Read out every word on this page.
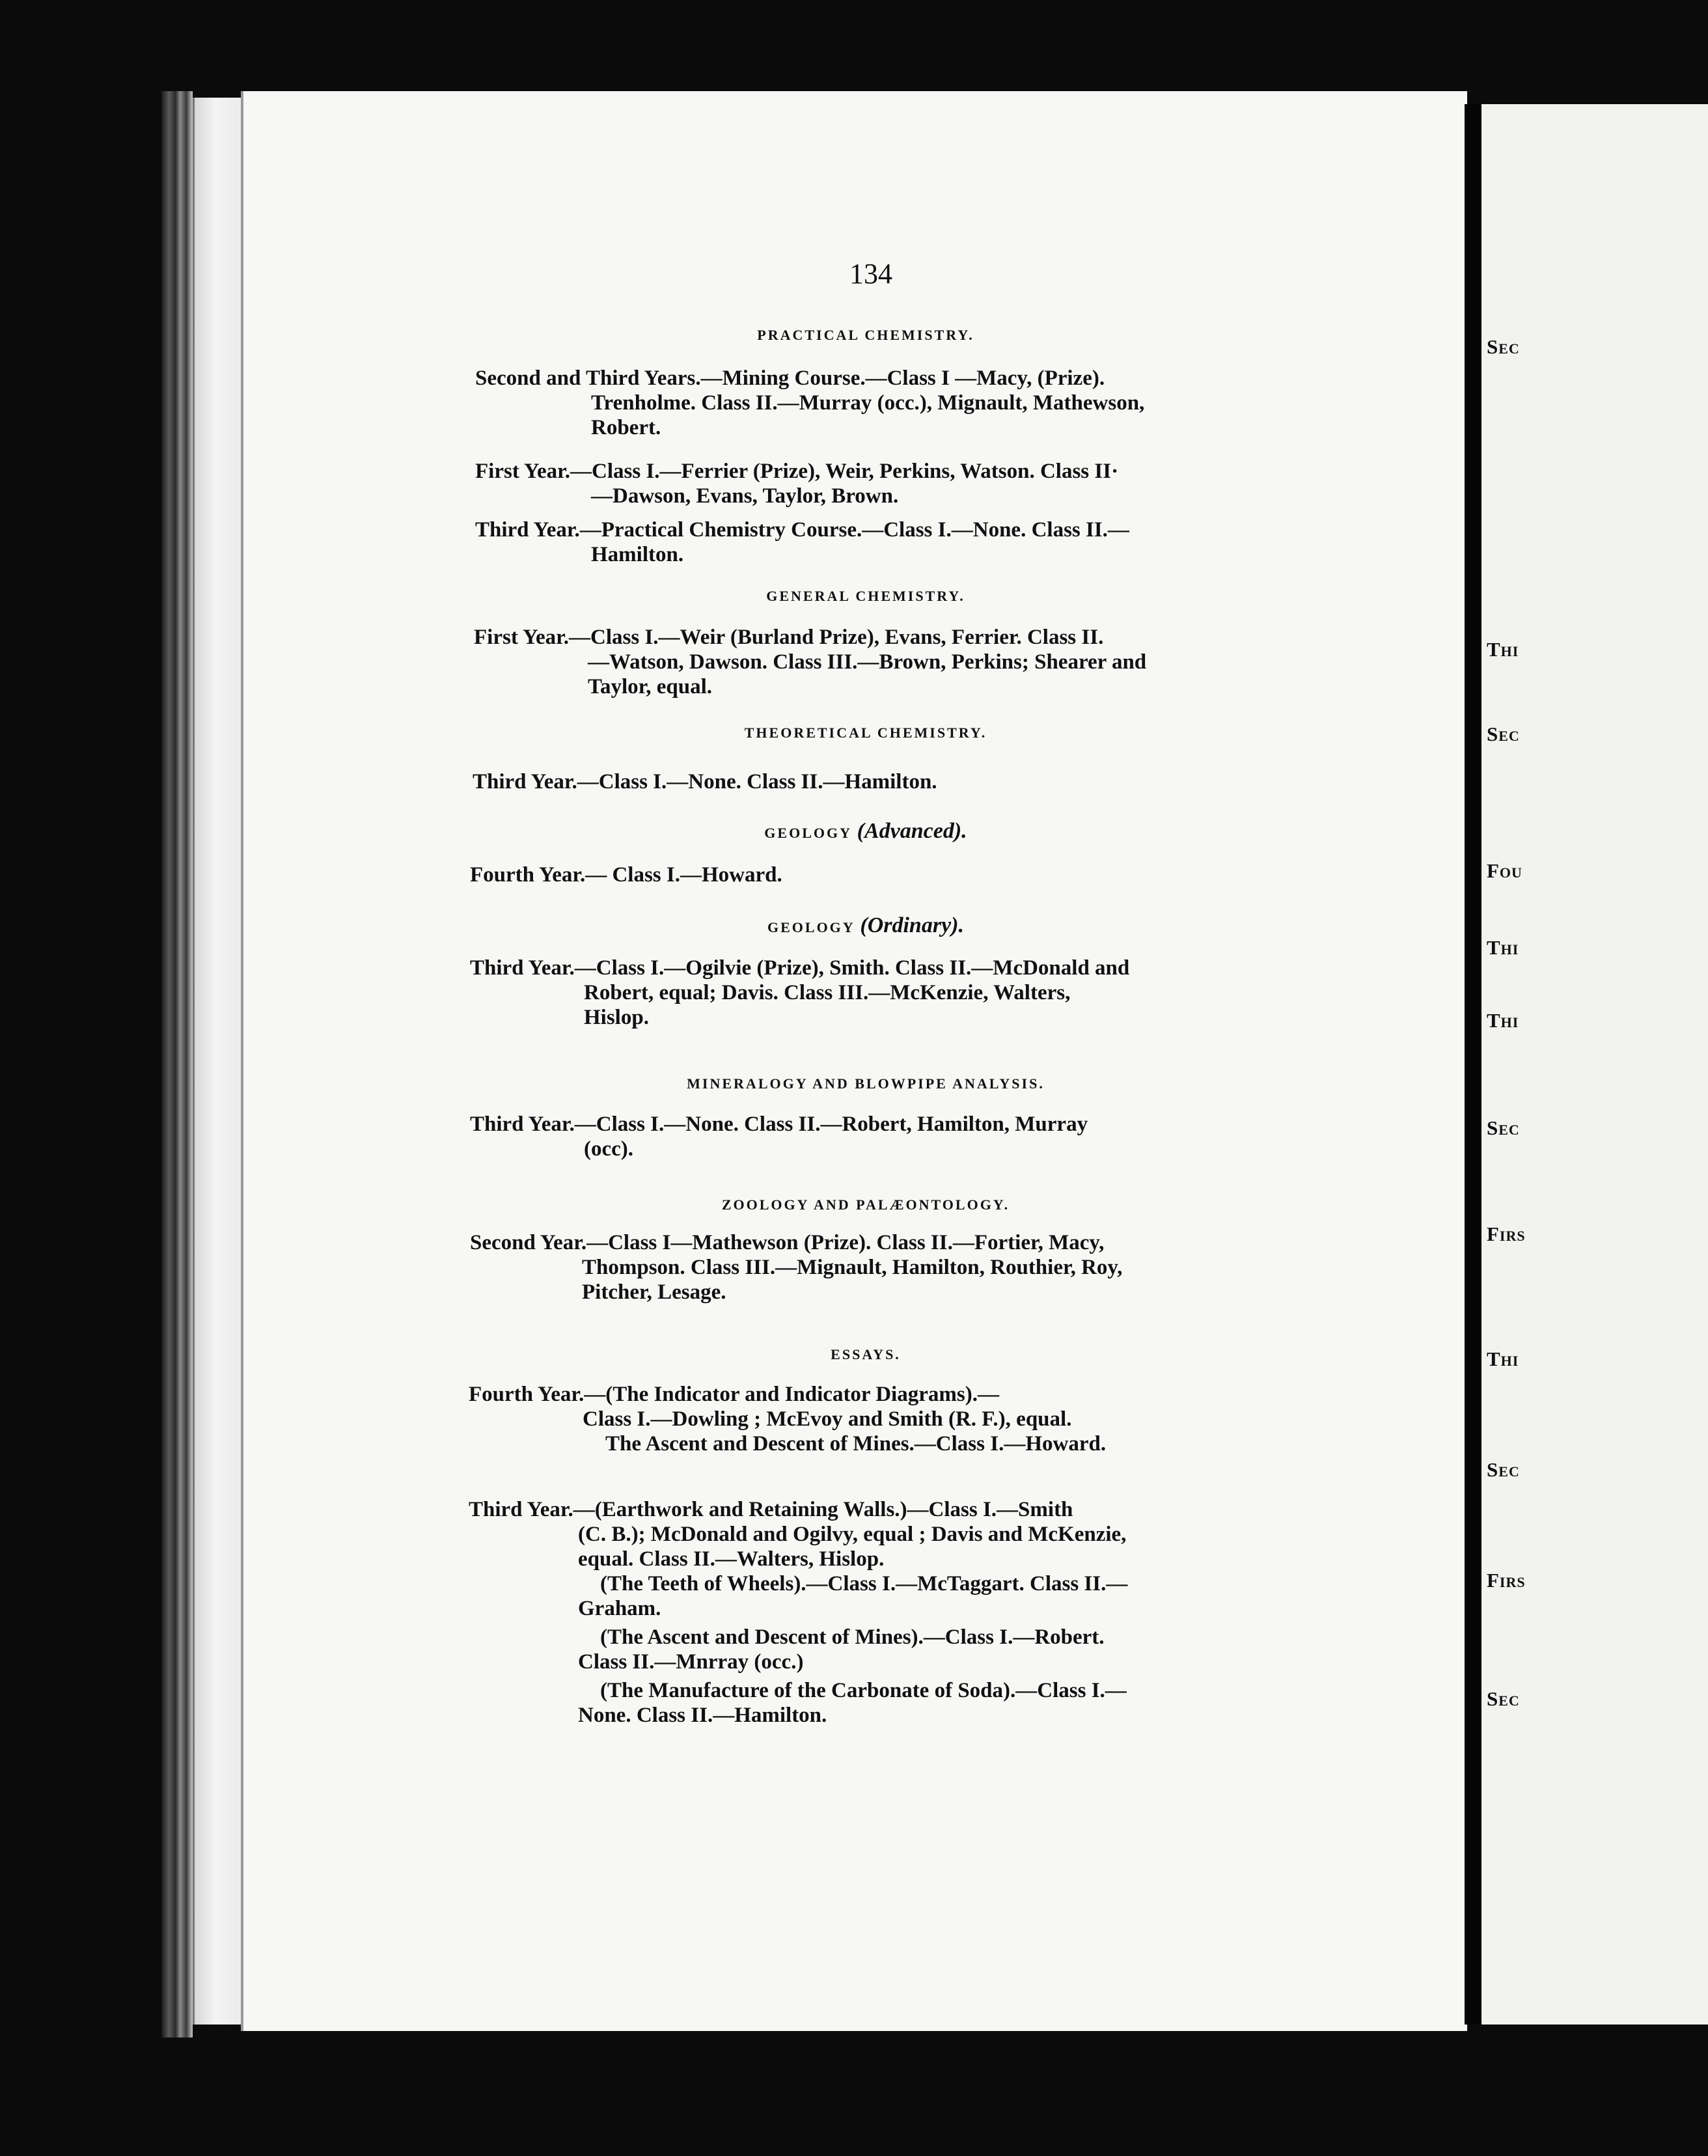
Sec
Thi
Sec
Fou
Thi
Thi
Sec
Firs
Thi
Sec
Firs
Sec
134
PRACTICAL CHEMISTRY.
Second and Third Years.—Mining Course.—Class I —Macy, (Prize).
Trenholme. Class II.—Murray (occ.), Mignault, Mathewson,
Robert.
First Year.—Class I.—Ferrier (Prize), Weir, Perkins, Watson. Class II·
—Dawson, Evans, Taylor, Brown.
Third Year.—Practical Chemistry Course.—Class I.—None. Class II.—
Hamilton.
GENERAL CHEMISTRY.
First Year.—Class I.—Weir (Burland Prize), Evans, Ferrier. Class II.
—Watson, Dawson. Class III.—Brown, Perkins; Shearer and
Taylor, equal.
THEORETICAL CHEMISTRY.
Third Year.—Class I.—None. Class II.—Hamilton.
GEOLOGY (Advanced).
Fourth Year.— Class I.—Howard.
GEOLOGY (Ordinary).
Third Year.—Class I.—Ogilvie (Prize), Smith. Class II.—McDonald and
Robert, equal; Davis. Class III.—McKenzie, Walters,
Hislop.
MINERALOGY AND BLOWPIPE ANALYSIS.
Third Year.—Class I.—None. Class II.—Robert, Hamilton, Murray
(occ).
ZOOLOGY AND PALÆONTOLOGY.
Second Year.—Class I—Mathewson (Prize). Class II.—Fortier, Macy,
Thompson. Class III.—Mignault, Hamilton, Routhier, Roy,
Pitcher, Lesage.
ESSAYS.
Fourth Year.—(The Indicator and Indicator Diagrams).—
Class I.—Dowling ; McEvoy and Smith (R. F.), equal.
The Ascent and Descent of Mines.—Class I.—Howard.
Third Year.—(Earthwork and Retaining Walls.)—Class I.—Smith
(C. B.); McDonald and Ogilvy, equal ; Davis and McKenzie,
equal. Class II.—Walters, Hislop.
(The Teeth of Wheels).—Class I.—McTaggart. Class II.—
Graham.
(The Ascent and Descent of Mines).—Class I.—Robert.
Class II.—Mnrray (occ.)
(The Manufacture of the Carbonate of Soda).—Class I.—
None. Class II.—Hamilton.
